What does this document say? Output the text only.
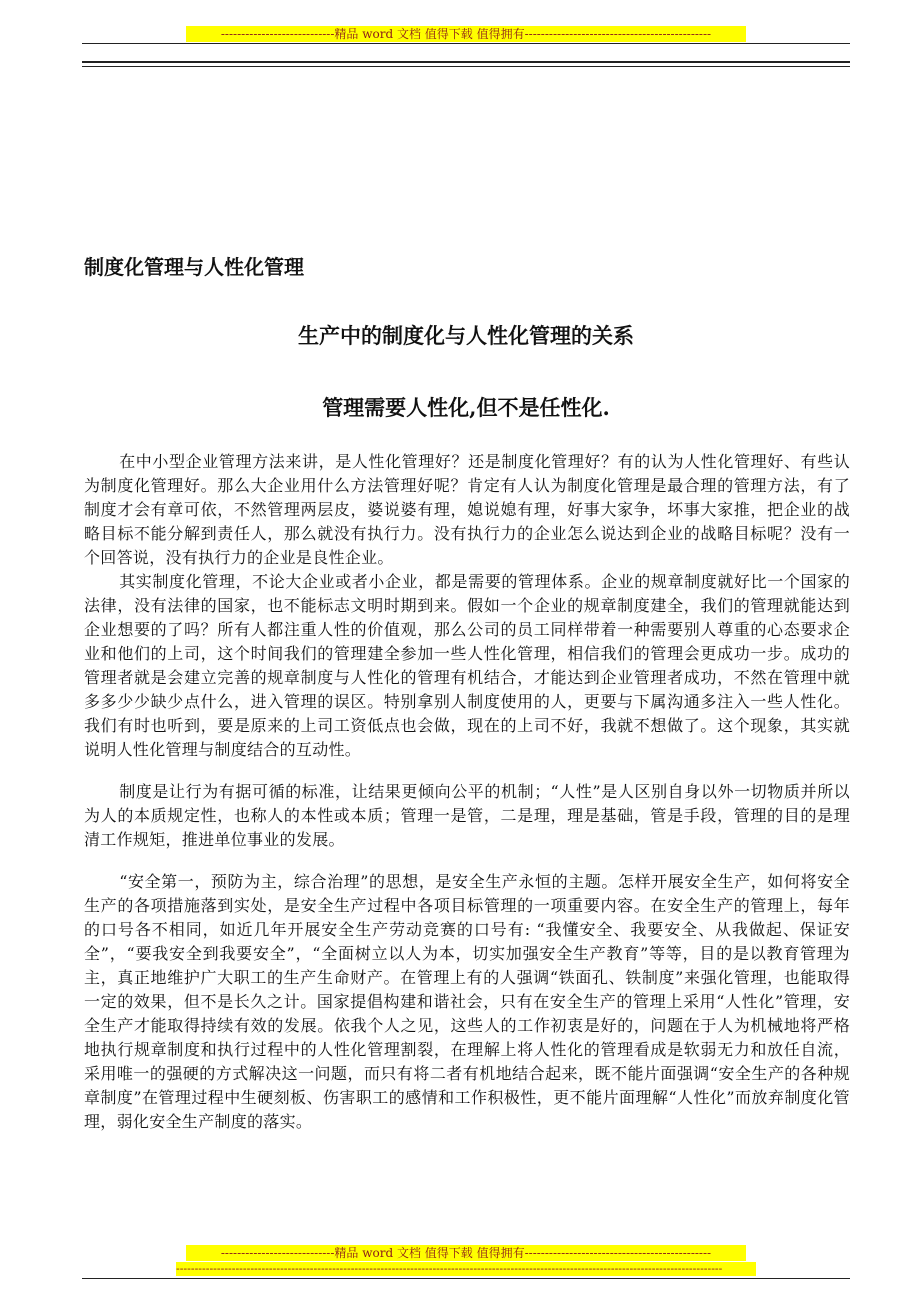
----------------------------精品 word 文档 值得下载 值得拥有----------------------------------------------
制度化管理与人性化管理
生产中的制度化与人性化管理的关系
管理需要人性化,但不是任性化.

在中小型企业管理方法来讲，是人性化管理好？还是制度化管理好？有的认为人性化管理好、有些认为制度化管理好。那么大企业用什么方法管理好呢？肯定有人认为制度化管理是最合理的管理方法，有了制度才会有章可依，不然管理两层皮，婆说婆有理，媳说媳有理，好事大家争，坏事大家推，把企业的战略目标不能分解到责任人，那么就没有执行力。没有执行力的企业怎么说达到企业的战略目标呢？没有一个回答说，没有执行力的企业是良性企业。

其实制度化管理，不论大企业或者小企业，都是需要的管理体系。企业的规章制度就好比一个国家的法律，没有法律的国家，也不能标志文明时期到来。假如一个企业的规章制度建全，我们的管理就能达到企业想要的了吗？所有人都注重人性的价值观，那么公司的员工同样带着一种需要别人尊重的心态要求企业和他们的上司，这个时间我们的管理建全参加一些人性化管理，相信我们的管理会更成功一步。成功的管理者就是会建立完善的规章制度与人性化的管理有机结合，才能达到企业管理者成功，不然在管理中就多多少少缺少点什么，进入管理的误区。特别拿别人制度使用的人，更要与下属沟通多注入一些人性化。我们有时也听到，要是原来的上司工资低点也会做，现在的上司不好，我就不想做了。这个现象，其实就说明人性化管理与制度结合的互动性。

制度是让行为有据可循的标准，让结果更倾向公平的机制；“人性”是人区别自身以外一切物质并所以为人的本质规定性，也称人的本性或本质；管理一是管，二是理，理是基础，管是手段，管理的目的是理清工作规矩，推进单位事业的发展。

“安全第一，预防为主，综合治理”的思想，是安全生产永恒的主题。怎样开展安全生产，如何将安全生产的各项措施落到实处，是安全生产过程中各项目标管理的一项重要内容。在安全生产的管理上，每年的口号各不相同，如近几年开展安全生产劳动竞赛的口号有: “我懂安全、我要安全、从我做起、保证安全”，“要我安全到我要安全”，“全面树立以人为本，切实加强安全生产教育”等等，目的是以教育管理为主，真正地维护广大职工的生产生命财产。在管理上有的人强调“铁面孔、铁制度”来强化管理，也能取得一定的效果，但不是长久之计。国家提倡构建和谐社会，只有在安全生产的管理上采用“人性化”管理，安全生产才能取得持续有效的发展。依我个人之见，这些人的工作初衷是好的，问题在于人为机械地将严格地执行规章制度和执行过程中的人性化管理割裂，在理解上将人性化的管理看成是软弱无力和放任自流，采用唯一的强硬的方式解决这一问题，而只有将二者有机地结合起来，既不能片面强调“安全生产的各种规章制度”在管理过程中生硬刻板、伤害职工的感情和工作积极性，更不能片面理解“人性化”而放弃制度化管理，弱化安全生产制度的落实。

----------------------------精品 word 文档 值得下载 值得拥有----------------------------------------------
---------------------------------------------------------------------------------------------------------------------------------------------------
